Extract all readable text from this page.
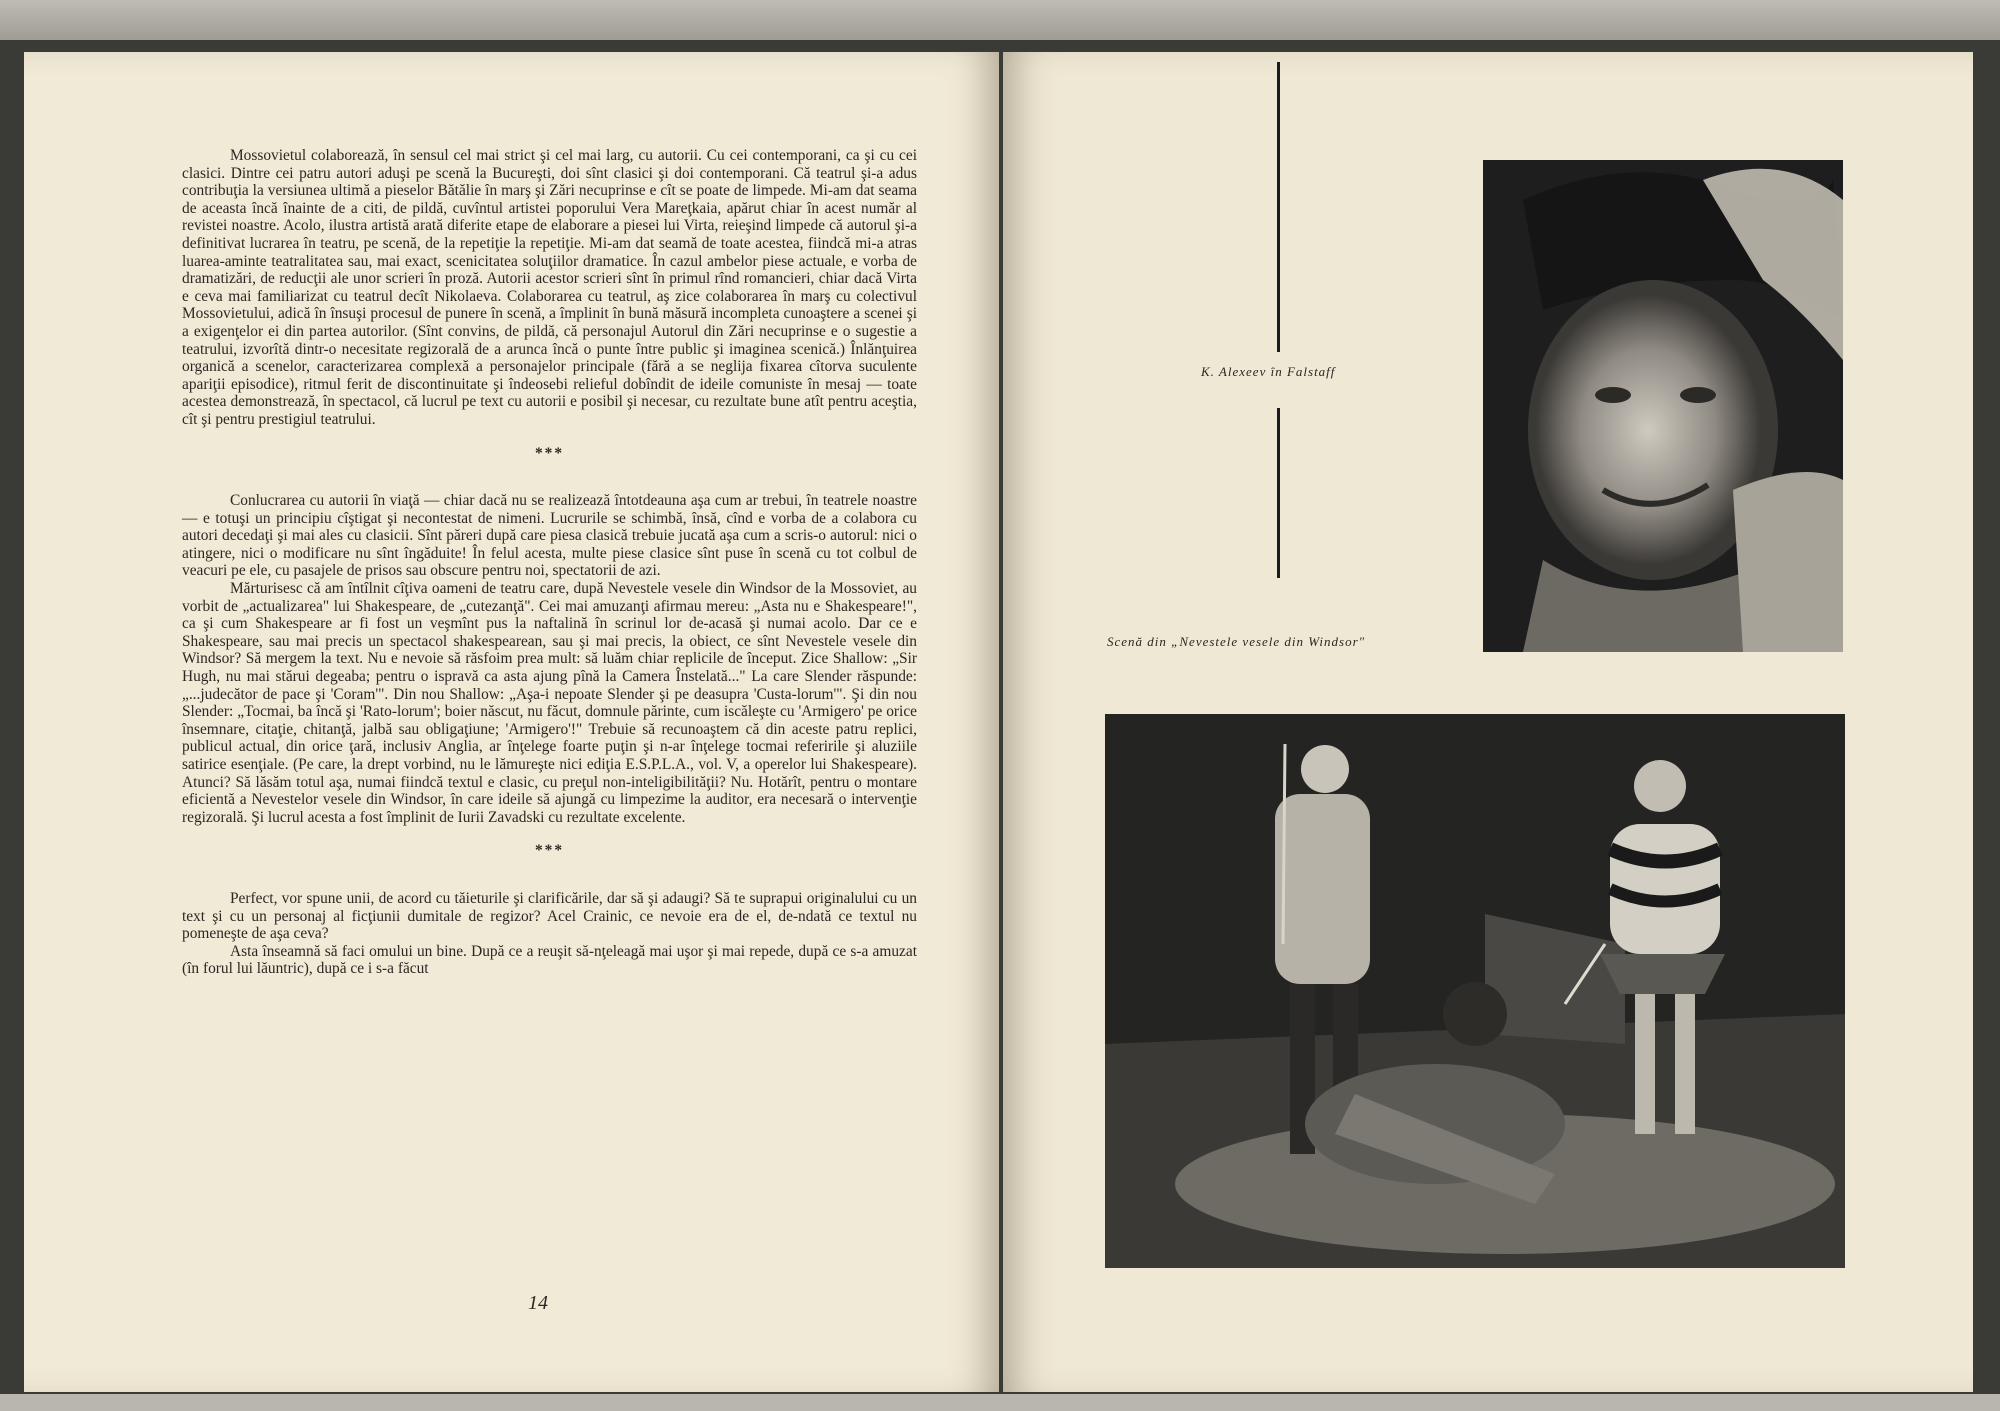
Mossovietul colaborează, în sensul cel mai strict şi cel mai larg, cu autorii. Cu cei contemporani, ca şi cu cei clasici. Dintre cei patru autori aduşi pe scenă la Bucureşti, doi sînt clasici şi doi contemporani. Că teatrul şi-a adus contribuţia la versiunea ultimă a pieselor Bătălie în marş şi Zări necuprinse e cît se poate de limpede. Mi-am dat seama de aceasta încă înainte de a citi, de pildă, cuvîntul artistei poporului Vera Mareţkaia, apărut chiar în acest număr al revistei noastre. Acolo, ilustra artistă arată diferite etape de elaborare a piesei lui Virta, reieşind limpede că autorul şi-a definitivat lucrarea în teatru, pe scenă, de la repetiţie la repetiţie. Mi-am dat seamă de toate acestea, fiindcă mi-a atras luarea-aminte teatralitatea sau, mai exact, scenicitatea soluţiilor dramatice. În cazul ambelor piese actuale, e vorba de dramatizări, de reducţii ale unor scrieri în proză. Autorii acestor scrieri sînt în primul rînd romancieri, chiar dacă Virta e ceva mai familiarizat cu teatrul decît Nikolaeva. Colaborarea cu teatrul, aş zice colaborarea în marş cu colectivul Mossovietului, adică în însuşi procesul de punere în scenă, a împlinit în bună măsură incompleta cunoaştere a scenei şi a exigenţelor ei din partea autorilor. (Sînt convins, de pildă, că personajul Autorul din Zări necuprinse e o sugestie a teatrului, izvorîtă dintr-o necesitate regizorală de a arunca încă o punte între public şi imaginea scenică.) Înlănţuirea organică a scenelor, caracterizarea complexă a personajelor principale (fără a se neglija fixarea cîtorva suculente apariţii episodice), ritmul ferit de discontinuitate şi îndeosebi relieful dobîndit de ideile comuniste în mesaj — toate acestea demonstrează, în spectacol, că lucrul pe text cu autorii e posibil şi necesar, cu rezultate bune atît pentru aceştia, cît şi pentru prestigiul teatrului.

***

Conlucrarea cu autorii în viaţă — chiar dacă nu se realizează întotdeauna aşa cum ar trebui, în teatrele noastre — e totuşi un principiu cîştigat şi necontestat de nimeni. Lucrurile se schimbă, însă, cînd e vorba de a colabora cu autori decedaţi şi mai ales cu clasicii. Sînt păreri după care piesa clasică trebuie jucată aşa cum a scris-o autorul: nici o atingere, nici o modificare nu sînt îngăduite! În felul acesta, multe piese clasice sînt puse în scenă cu tot colbul de veacuri pe ele, cu pasajele de prisos sau obscure pentru noi, spectatorii de azi.

Mărturisesc că am întîlnit cîţiva oameni de teatru care, după Nevestele vesele din Windsor de la Mossoviet, au vorbit de „actualizarea" lui Shakespeare, de „cutezanţă". Cei mai amuzanţi afirmau mereu: „Asta nu e Shakespeare!", ca şi cum Shakespeare ar fi fost un veşmînt pus la naftalină în scrinul lor de-acasă şi numai acolo. Dar ce e Shakespeare, sau mai precis un spectacol shakespearean, sau şi mai precis, la obiect, ce sînt Nevestele vesele din Windsor? Să mergem la text. Nu e nevoie să răsfoim prea mult: să luăm chiar replicile de început. Zice Shallow: „Sir Hugh, nu mai stărui degeaba; pentru o ispravă ca asta ajung pînă la Camera Înstelată..." La care Slender răspunde: „...judecător de pace şi 'Coram'". Din nou Shallow: „Aşa-i nepoate Slender şi pe deasupra 'Custa-lorum'". Şi din nou Slender: „Tocmai, ba încă şi 'Rato-lorum'; boier născut, nu făcut, domnule părinte, cum iscăleşte cu 'Armigero' pe orice însemnare, citaţie, chitanţă, jalbă sau obligaţiune; 'Armigero'!" Trebuie să recunoaştem că din aceste patru replici, publicul actual, din orice ţară, inclusiv Anglia, ar înţelege foarte puţin şi n-ar înţelege tocmai referirile şi aluziile satirice esenţiale. (Pe care, la drept vorbind, nu le lămureşte nici ediţia E.S.P.L.A., vol. V, a operelor lui Shakespeare). Atunci? Să lăsăm totul aşa, numai fiindcă textul e clasic, cu preţul non-inteligibilităţii? Nu. Hotărît, pentru o montare eficientă a Nevestelor vesele din Windsor, în care ideile să ajungă cu limpezime la auditor, era necesară o intervenţie regizorală. Şi lucrul acesta a fost împlinit de Iurii Zavadski cu rezultate excelente.

***

Perfect, vor spune unii, de acord cu tăieturile şi clarificările, dar să şi adaugi? Să te suprapui originalului cu un text şi cu un personaj al ficţiunii dumitale de regizor? Acel Crainic, ce nevoie era de el, de-ndată ce textul nu pomeneşte de aşa ceva?

Asta înseamnă să faci omului un bine. După ce a reuşit să-nţeleagă mai uşor şi mai repede, după ce s-a amuzat (în forul lui lăuntric), după ce i s-a făcut

14
K. Alexeev în Falstaff
Scenă din „Nevestele vesele din Windsor"
